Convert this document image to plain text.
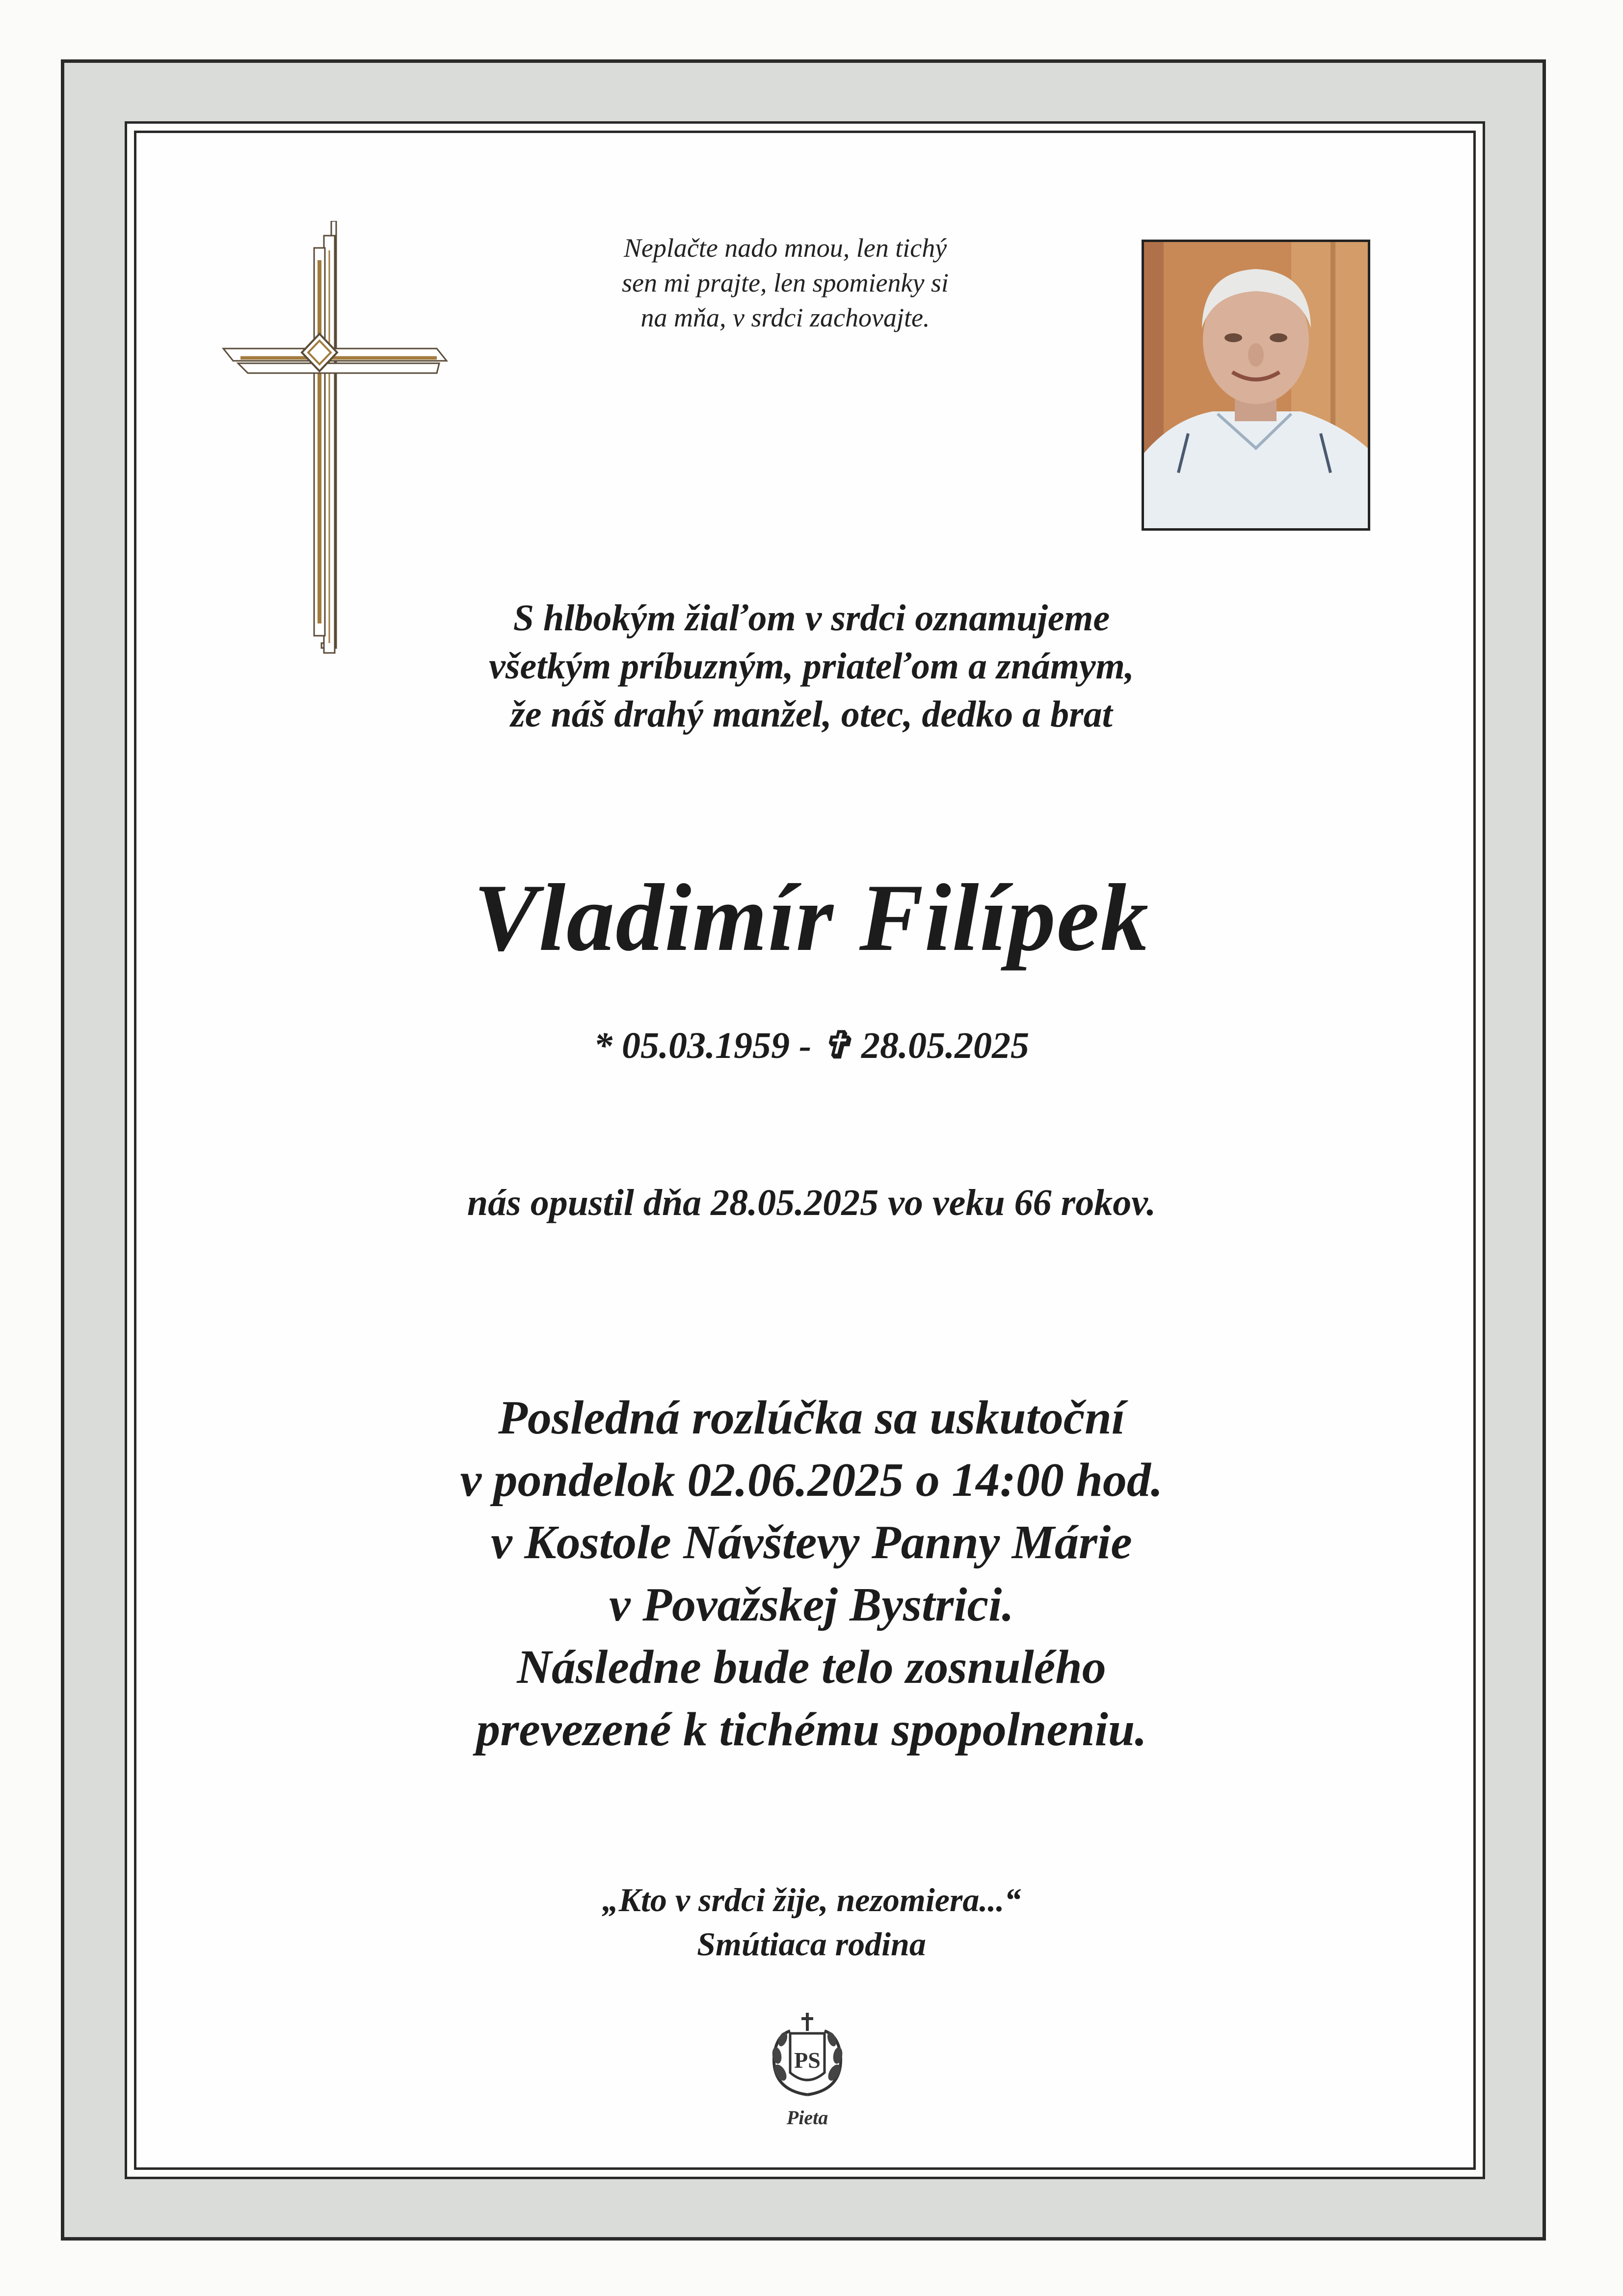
Neplačte nado mnou, len tichý
sen mi prajte, len spomienky si
na mňa, v srdci zachovajte.
S hlbokým žiaľom v srdci oznamujeme
všetkým príbuzným, priateľom a známym,
že náš drahý manžel, otec, dedko a brat
Vladimír Filípek
* 05.03.1959 - ✞ 28.05.2025
nás opustil dňa 28.05.2025 vo veku 66 rokov.
Posledná rozlúčka sa uskutoční
v pondelok 02.06.2025 o 14:00 hod.
v Kostole Návštevy Panny Márie
v Považskej Bystrici.
Následne bude telo zosnulého
prevezené k tichému spopolneniu.
„Kto v srdci žije, nezomiera...“
Smútiaca rodina
PS
Pieta
